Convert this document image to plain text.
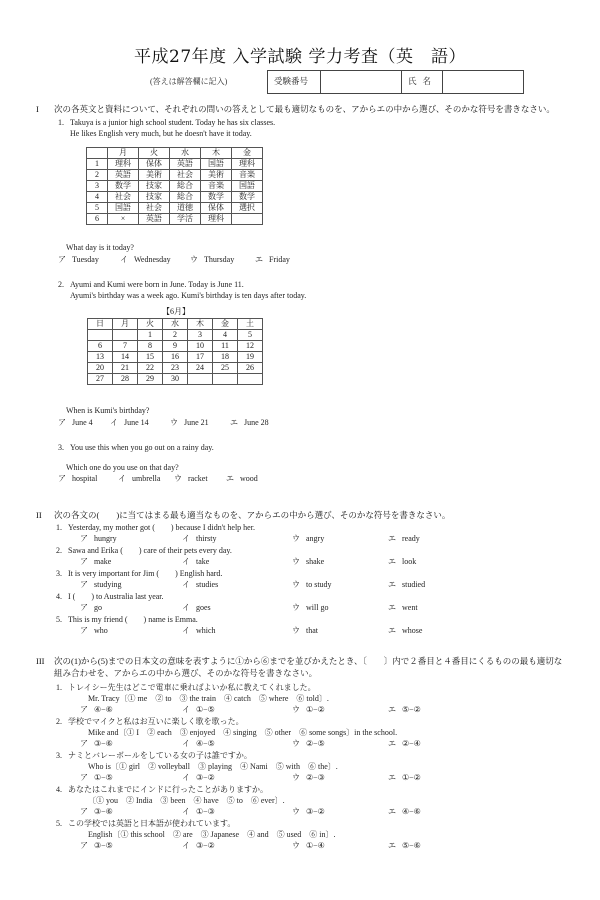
平成27年度 入学試験 学力考査（英　語）
(答えは解答欄に記入)	受験番号	氏名
I 次の各英文と資料について、それぞれの問いの答えとして最も適切なものを、アからエの中から選び、そのかな符号を書きなさい。
1. Takuya is a junior high school student. Today he has six classes.
He likes English very much, but he doesn't have it today.
	月	火	水	木	金
1	理科	保体	英語	国語	理科
2	英語	美術	社会	美術	音楽
3	数学	技家	総合	音楽	国語
4	社会	技家	総合	数学	数学
5	国語	社会	道徳	保体	選択
6	×	英語	学活	理科	
What day is it today?
ア Tuesday	イ Wednesday ウ Thursday	エ Friday
2. Ayumi and Kumi were born in June. Today is June 11.
Ayumi's birthday was a week ago. Kumi's birthday is ten days after today.
【6月】
日	月	火	水	木	金	土
		1	2	3	4	5
6	7	8	9	10	11	12
13	14	15	16	17	18	19
20	21	22	23	24	25	26
27	28	29	30			
When is Kumi's birthday?
ア June 4 イ June 14	ウ June 21	エ June 28
3. You use this when you go out on a rainy day.
Which one do you use on that day?
ア hospital	イ umbrella ウ racket エ wood
II 次の各文の(　　)に当てはまる最も適当なものを、アからエの中から選び、そのかな符号を書きなさい。
1. Yesterday, my mother got (　　) because I didn't help her.
ア hungry	イ thirsty	ウ angry	エ ready
2. Sawa and Erika (　　) care of their pets every day.
ア make	イ take	ウ shake	エ look
3. It is very important for Jim (　　) English hard.
ア studying	イ studies	ウ to study	エ studied
4. I (　　) to Australia last year.
ア go	イ goes	ウ will go	エ went
5. This is my friend (　　) name is Emma.
ア who	イ which	ウ that	エ whose
III 次の(1)から(5)までの日本文の意味を表すように①から⑥までを並びかえたとき、〔　　〕内で２番目と４番目にくるものの最も適切な
組み合わせを、アからエの中から選び、そのかな符号を書きなさい。
1. トレイシー先生はどこで電車に乗ればよいか私に教えてくれました。
Mr. Tracy〔① me　② to　③ the train　④ catch　⑤ where　⑥ told〕.
ア ④−⑥	イ ①−⑤	ウ ①−②	エ ⑤−②
2. 学校でマイクと私はお互いに楽しく歌を歌った。
Mike and〔① I　② each　③ enjoyed　④ singing　⑤ other　⑥ some songs〕in the school.
ア ③−⑥	イ ④−⑤	ウ ②−⑤	エ ②−④
3. ナミとバレーボールをしている女の子は誰ですか。
Who is〔① girl　② volleyball　③ playing　④ Nami　⑤ with　⑥ the〕.
ア ①−⑤	イ ③−②	ウ ②−③	エ ①−②
4. あなたはこれまでにインドに行ったことがありますか。
〔① you　② India　③ been　④ have　⑤ to　⑥ ever〕.
ア ③−⑥	イ ①−③	ウ ③−②	エ ④−⑥
5. この学校では英語と日本語が使われています。
English〔① this school　② are　③ Japanese　④ and　⑤ used　⑥ in〕.
ア ③−⑤	イ ③−②	ウ ①−④	エ ⑤−⑥
